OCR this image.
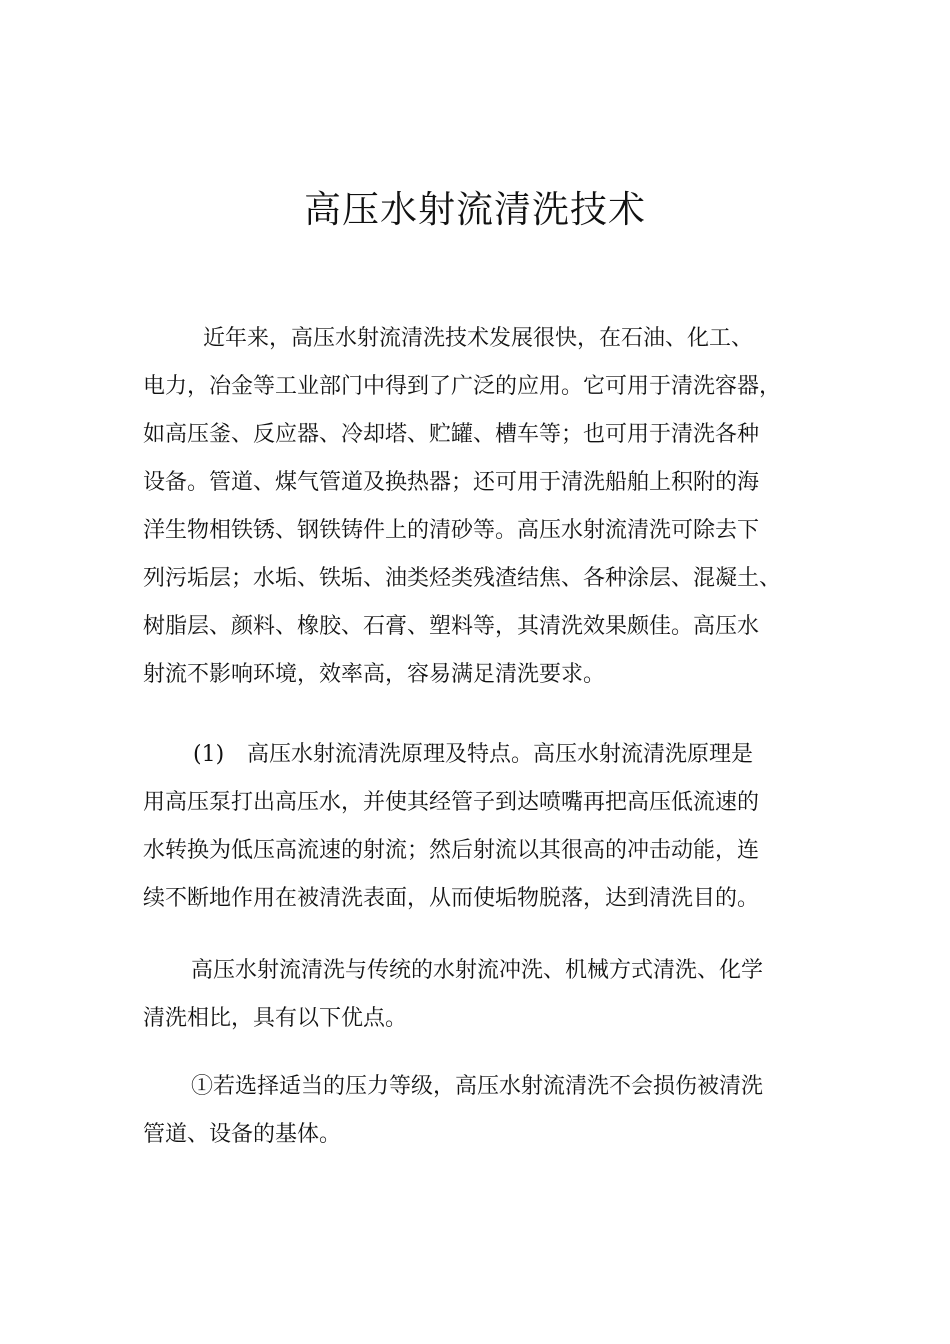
高压水射流清洗技术
近年来，高压水射流清洗技术发展很快，在石油、化工、
电力，冶金等工业部门中得到了广泛的应用。它可用于清洗容器，
如高压釜、反应器、冷却塔、贮罐、槽车等；也可用于清洗各种
设备。管道、煤气管道及换热器；还可用于清洗船舶上积附的海
洋生物相铁锈、钢铁铸件上的清砂等。高压水射流清洗可除去下
列污垢层；水垢、铁垢、油类烃类残渣结焦、各种涂层、混凝土、
树脂层、颜料、橡胶、石膏、塑料等，其清洗效果颇佳。高压水
射流不影响环境，效率高，容易满足清洗要求。
(1) 高压水射流清洗原理及特点。高压水射流清洗原理是
用高压泵打出高压水，并使其经管子到达喷嘴再把高压低流速的
水转换为低压高流速的射流；然后射流以其很高的冲击动能，连
续不断地作用在被清洗表面，从而使垢物脱落，达到清洗目的。
高压水射流清洗与传统的水射流冲洗、机械方式清洗、化学
清洗相比，具有以下优点。
①若选择适当的压力等级，高压水射流清洗不会损伤被清洗
管道、设备的基体。
